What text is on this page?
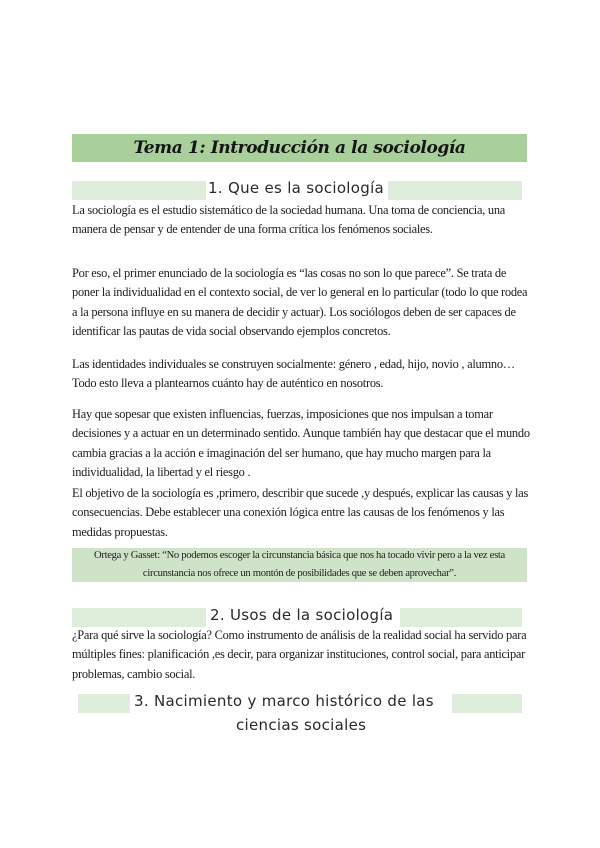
Tema 1: Introducción a la sociología
1. Que es la sociología

La sociología es el estudio sistemático de la sociedad humana. Una toma de conciencia, una manera de pensar y de entender de una forma crítica los fenómenos sociales.

Por eso, el primer enunciado de la sociología es “las cosas no son lo que parece”. Se trata de poner la individualidad en el contexto social, de ver lo general en lo particular (todo lo que rodea a la persona influye en su manera de decidir y actuar). Los sociólogos deben de ser capaces de identificar las pautas de vida social observando ejemplos concretos.

Las identidades individuales se construyen socialmente: género , edad, hijo, novio , alumno… Todo esto lleva a plantearnos cuánto hay de auténtico en nosotros.

Hay que sopesar que existen influencias, fuerzas, imposiciones que nos impulsan a tomar decisiones y a actuar en un determinado sentido. Aunque también hay que destacar que el mundo cambia gracias a la acción e imaginación del ser humano, que hay mucho margen para la individualidad, la libertad y el riesgo .

El objetivo de la sociología es ,primero, describir que sucede ,y después, explicar las causas y las consecuencias. Debe establecer una conexión lógica entre las causas de los fenómenos y las medidas propuestas.

Ortega y Gasset: “No podemos escoger la circunstancia básica que nos ha tocado vivir pero a la vez esta circunstancia nos ofrece un montón de posibilidades que se deben aprovechar”.

2. Usos de la sociología

¿Para qué sirve la sociología? Como instrumento de análisis de la realidad social ha servido para múltiples fines: planificación ,es decir, para organizar instituciones, control social, para anticipar problemas, cambio social.

3. Nacimiento y marco histórico de las
ciencias sociales
